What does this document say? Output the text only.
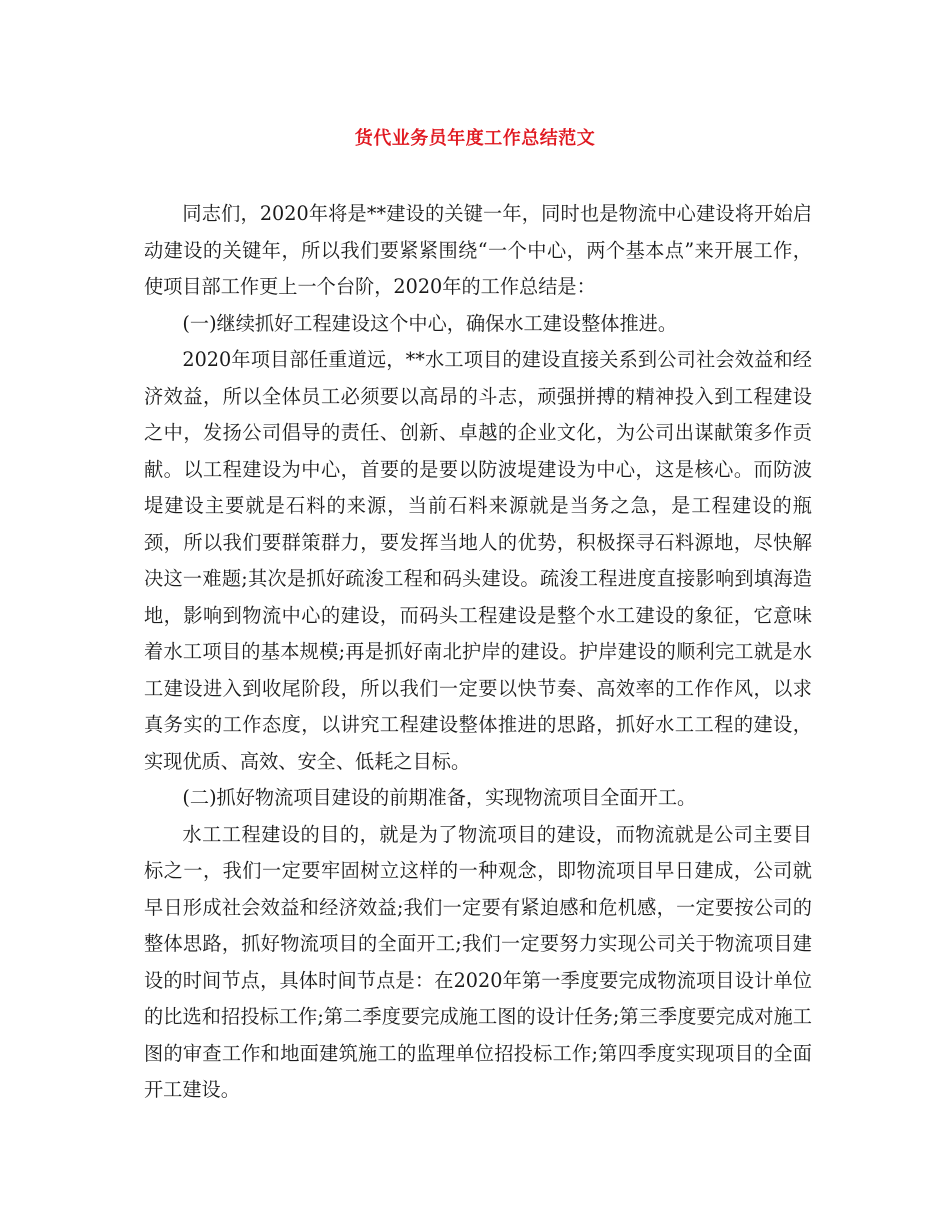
货代业务员年度工作总结范文

同志们，2020年将是**建设的关键一年，同时也是物流中心建设将开始启动建设的关键年，所以我们要紧紧围绕“一个中心，两个基本点”来开展工作，使项目部工作更上一个台阶，2020年的工作总结是：

(一)继续抓好工程建设这个中心，确保水工建设整体推进。

2020年项目部任重道远，**水工项目的建设直接关系到公司社会效益和经济效益，所以全体员工必须要以高昂的斗志，顽强拼搏的精神投入到工程建设之中，发扬公司倡导的责任、创新、卓越的企业文化，为公司出谋献策多作贡献。以工程建设为中心，首要的是要以防波堤建设为中心，这是核心。而防波堤建设主要就是石料的来源，当前石料来源就是当务之急，是工程建设的瓶颈，所以我们要群策群力，要发挥当地人的优势，积极探寻石料源地，尽快解决这一难题;其次是抓好疏浚工程和码头建设。疏浚工程进度直接影响到填海造地，影响到物流中心的建设，而码头工程建设是整个水工建设的象征，它意味着水工项目的基本规模;再是抓好南北护岸的建设。护岸建设的顺利完工就是水工建设进入到收尾阶段，所以我们一定要以快节奏、高效率的工作作风，以求真务实的工作态度，以讲究工程建设整体推进的思路，抓好水工工程的建设，实现优质、高效、安全、低耗之目标。

(二)抓好物流项目建设的前期准备，实现物流项目全面开工。

水工工程建设的目的，就是为了物流项目的建设，而物流就是公司主要目标之一，我们一定要牢固树立这样的一种观念，即物流项目早日建成，公司就早日形成社会效益和经济效益;我们一定要有紧迫感和危机感，一定要按公司的整体思路，抓好物流项目的全面开工;我们一定要努力实现公司关于物流项目建设的时间节点，具体时间节点是：在2020年第一季度要完成物流项目设计单位的比选和招投标工作;第二季度要完成施工图的设计任务;第三季度要完成对施工图的审查工作和地面建筑施工的监理单位招投标工作;第四季度实现项目的全面开工建设。
